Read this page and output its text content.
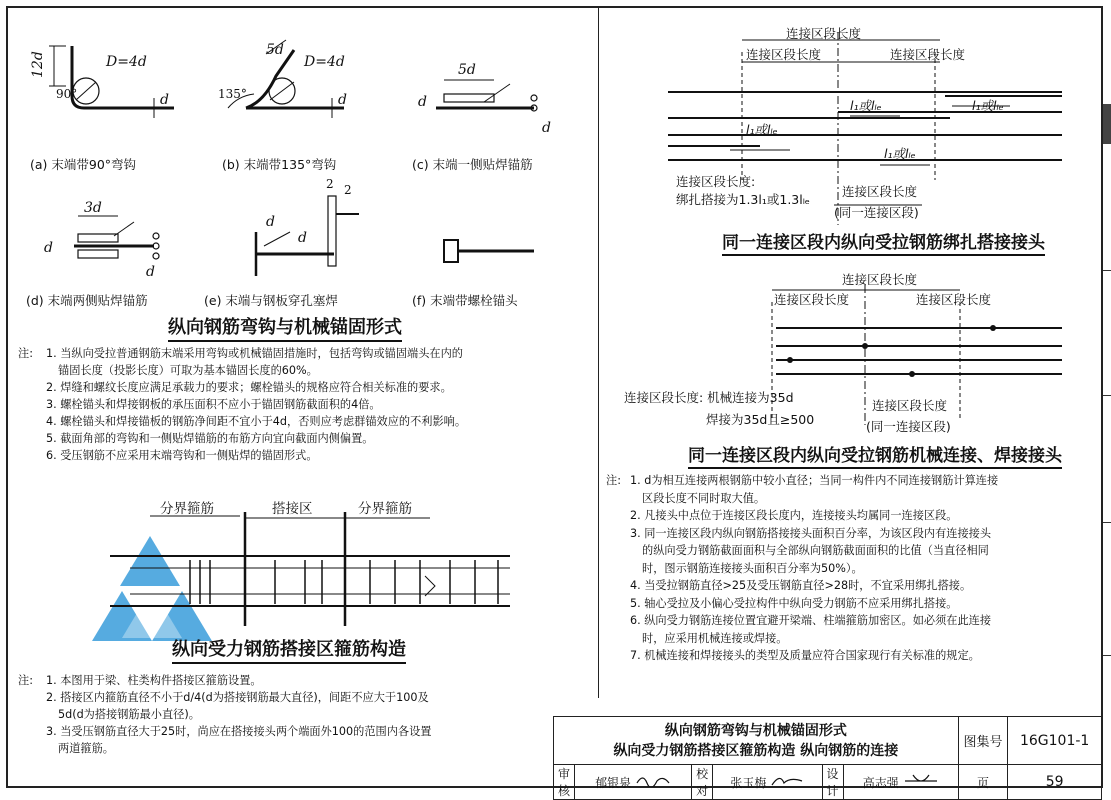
12d
90°
D=4d
d	135°
5d
D=4d
d
5d
d
d
3d
d
d
d
d
2 2
(a) 末端带90°弯钩	(b) 末端带135°弯钩	(c) 末端一侧贴焊锚筋
(d) 末端两侧贴焊锚筋	(e) 末端与钢板穿孔塞焊	(f) 末端带螺栓锚头
纵向钢筋弯钩与机械锚固形式
注: 1. 当纵向受拉普通钢筋末端采用弯钩或机械锚固措施时，包括弯钩或锚固端头在内的
锚固长度（投影长度）可取为基本锚固长度的60%。
2. 焊缝和螺纹长度应满足承载力的要求；螺栓锚头的规格应符合相关标准的要求。
3. 螺栓锚头和焊接钢板的承压面积不应小于锚固钢筋截面积的4倍。
4. 螺栓锚头和焊接锚板的钢筋净间距不宜小于4d，否则应考虑群锚效应的不利影响。
5. 截面角部的弯钩和一侧贴焊锚筋的布筋方向宜向截面内侧偏置。
6. 受压钢筋不应采用末端弯钩和一侧贴焊的锚固形式。
分界箍筋	搭接区	分界箍筋
纵向受力钢筋搭接区箍筋构造
注: 1. 本图用于梁、柱类构件搭接区箍筋设置。
2. 搭接区内箍筋直径不小于d/4(d为搭接钢筋最大直径)，间距不应大于100及
5d(d为搭接钢筋最小直径)。
3. 当受压钢筋直径大于25时，尚应在搭接接头两个端面外100的范围内各设置
两道箍筋。
连接区段长度
连接区段长度	连接区段长度
l₁或lₗₑ	l₁或lₗₑ
l₁或lₗₑ
l₁或lₗₑ
连接区段长度:
绑扎搭接为1.3l₁或1.3lₗₑ
连接区段长度
(同一连接区段)
同一连接区段内纵向受拉钢筋绑扎搭接接头
连接区段长度
连接区段长度	连接区段长度
连接区段长度: 机械连接为35d
焊接为35d且≥500
连接区段长度
(同一连接区段)
同一连接区段内纵向受拉钢筋机械连接、焊接接头
注: 1. d为相互连接两根钢筋中较小直径；当同一构件内不同连接钢筋计算连接
区段长度不同时取大值。
2. 凡接头中点位于连接区段长度内，连接接头均属同一连接区段。
3. 同一连接区段内纵向钢筋搭接接头面积百分率，为该区段内有连接接头
的纵向受力钢筋截面面积与全部纵向钢筋截面面积的比值（当直径相同
时，图示钢筋连接接头面积百分率为50%）。
4. 当受拉钢筋直径>25及受压钢筋直径>28时，不宜采用绑扎搭接。
5. 轴心受拉及小偏心受拉构件中纵向受力钢筋不应采用绑扎搭接。
6. 纵向受力钢筋连接位置宜避开梁端、柱端箍筋加密区。如必须在此连接
时，应采用机械连接或焊接。
7. 机械连接和焊接接头的类型及质量应符合国家现行有关标准的规定。
纵向钢筋弯钩与机械锚固形式
纵向受力钢筋搭接区箍筋构造 纵向钢筋的连接						图集号	16G101-1
审核	郁银泉	校对	张玉梅	设计	高志强	页	59
